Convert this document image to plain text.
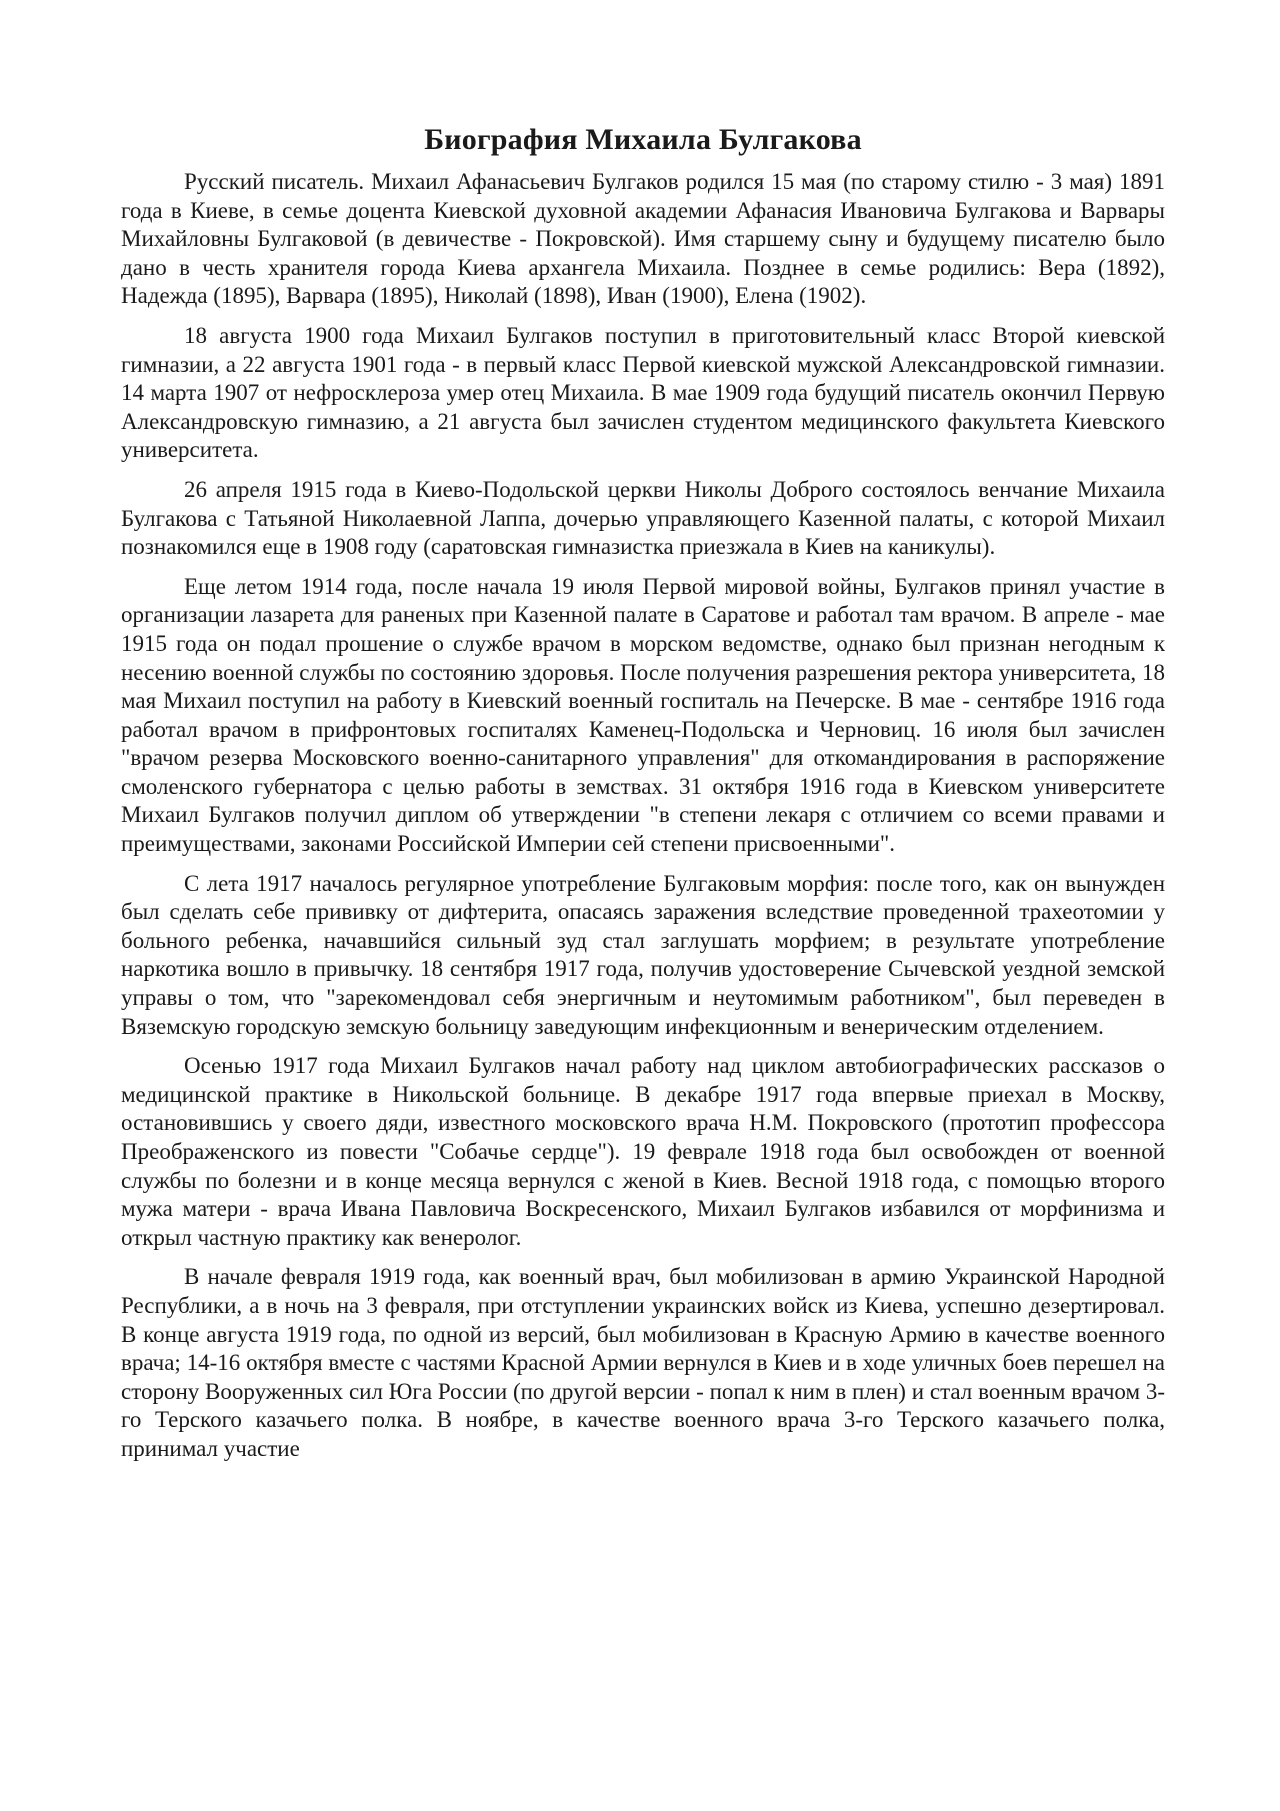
Биография Михаила Булгакова

Русский писатель. Михаил Афанасьевич Булгаков родился 15 мая (по старому стилю - 3 мая) 1891 года в Киеве, в семье доцента Киевской духовной академии Афанасия Ивановича Булгакова и Варвары Михайловны Булгаковой (в девичестве - Покровской). Имя старшему сыну и будущему писателю было дано в честь хранителя города Киева архангела Михаила. Позднее в семье родились: Вера (1892), Надежда (1895), Варвара (1895), Николай (1898), Иван (1900), Елена (1902).

18 августа 1900 года Михаил Булгаков поступил в приготовительный класс Второй киевской гимназии, а 22 августа 1901 года - в первый класс Первой киевской мужской Александровской гимназии. 14 марта 1907 от нефросклероза умер отец Михаила. В мае 1909 года будущий писатель окончил Первую Александровскую гимназию, а 21 августа был зачислен студентом медицинского факультета Киевского университета.

26 апреля 1915 года в Киево-Подольской церкви Николы Доброго состоялось венчание Михаила Булгакова с Татьяной Николаевной Лаппа, дочерью управляющего Казенной палаты, с которой Михаил познакомился еще в 1908 году (саратовская гимназистка приезжала в Киев на каникулы).

Еще летом 1914 года, после начала 19 июля Первой мировой войны, Булгаков принял участие в организации лазарета для раненых при Казенной палате в Саратове и работал там врачом. В апреле - мае 1915 года он подал прошение о службе врачом в морском ведомстве, однако был признан негодным к несению военной службы по состоянию здоровья. После получения разрешения ректора университета, 18 мая Михаил поступил на работу в Киевский военный госпиталь на Печерске. В мае - сентябре 1916 года работал врачом в прифронтовых госпиталях Каменец-Подольска и Черновиц. 16 июля был зачислен "врачом резерва Московского военно-санитарного управления" для откомандирования в распоряжение смоленского губернатора с целью работы в земствах. 31 октября 1916 года в Киевском университете Михаил Булгаков получил диплом об утверждении "в степени лекаря с отличием со всеми правами и преимуществами, законами Российской Империи сей степени присвоенными".

С лета 1917 началось регулярное употребление Булгаковым морфия: после того, как он вынужден был сделать себе прививку от дифтерита, опасаясь заражения вследствие проведенной трахеотомии у больного ребенка, начавшийся сильный зуд стал заглушать морфием; в результате употребление наркотика вошло в привычку. 18 сентября 1917 года, получив удостоверение Сычевской уездной земской управы о том, что "зарекомендовал себя энергичным и неутомимым работником", был переведен в Вяземскую городскую земскую больницу заведующим инфекционным и венерическим отделением.

Осенью 1917 года Михаил Булгаков начал работу над циклом автобиографических рассказов о медицинской практике в Никольской больнице. В декабре 1917 года впервые приехал в Москву, остановившись у своего дяди, известного московского врача Н.М. Покровского (прототип профессора Преображенского из повести "Собачье сердце"). 19 феврале 1918 года был освобожден от военной службы по болезни и в конце месяца вернулся с женой в Киев. Весной 1918 года, с помощью второго мужа матери - врача Ивана Павловича Воскресенского, Михаил Булгаков избавился от морфинизма и открыл частную практику как венеролог.

В начале февраля 1919 года, как военный врач, был мобилизован в армию Украинской Народной Республики, а в ночь на 3 февраля, при отступлении украинских войск из Киева, успешно дезертировал. В конце августа 1919 года, по одной из версий, был мобилизован в Красную Армию в качестве военного врача; 14-16 октября вместе с частями Красной Армии вернулся в Киев и в ходе уличных боев перешел на сторону Вооруженных сил Юга России (по другой версии - попал к ним в плен) и стал военным врачом 3-го Терского казачьего полка. В ноябре, в качестве военного врача 3-го Терского казачьего полка, принимал участие
